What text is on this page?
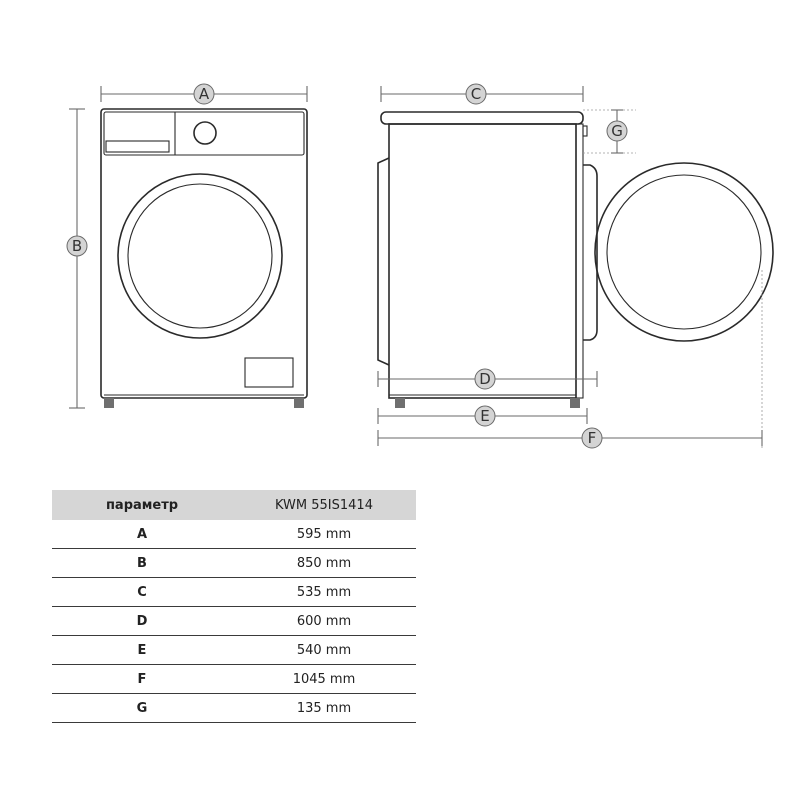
A
B
C
G
D
E
F
параметр	KWM 55IS1414
A	595 mm
B	850 mm
C	535 mm
D	600 mm
E	540 mm
F	1045 mm
G	135 mm
